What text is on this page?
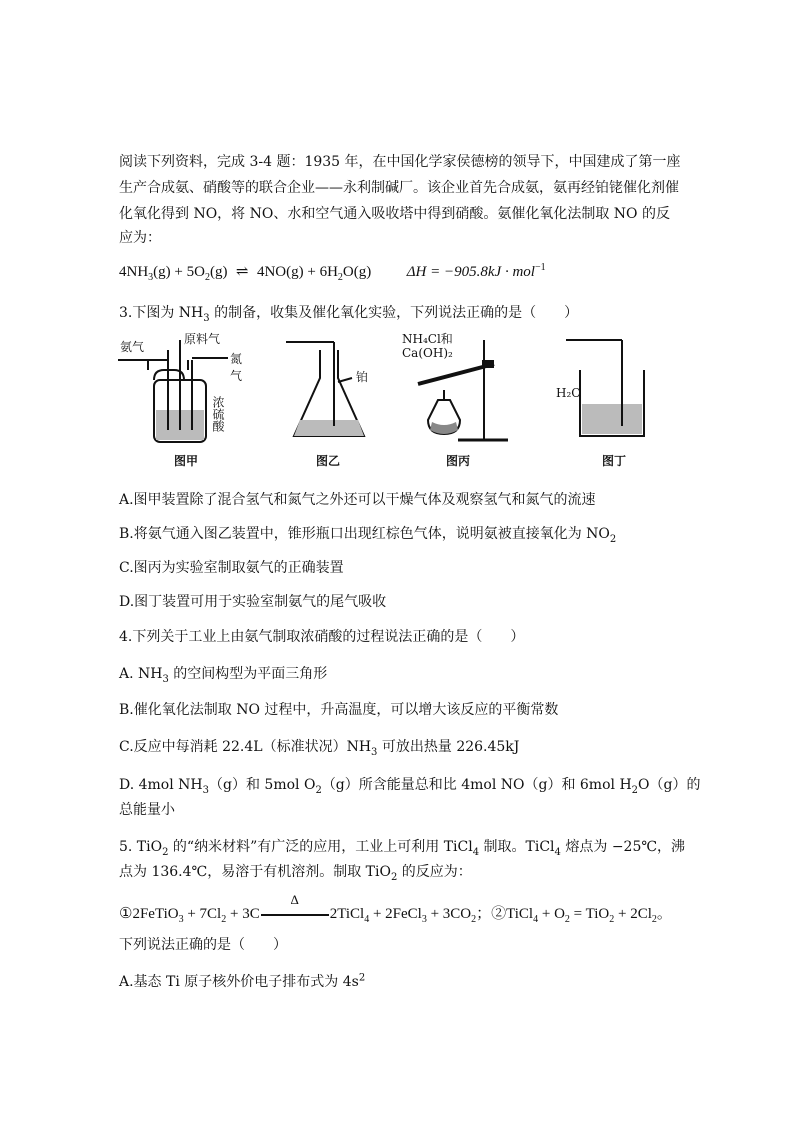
阅读下列资料，完成 3-4 题：1935 年，在中国化学家侯德榜的领导下，中国建成了第一座
生产合成氨、硝酸等的联合企业——永利制碱厂。该企业首先合成氨，氨再经铂铑催化剂催
化氧化得到 NO，将 NO、水和空气通入吸收塔中得到硝酸。氨催化氧化法制取 NO 的反
应为：
$4NH_3(g) + 5O_2(g)$ ⇌ $4NO(g) + 6H_2O(g) \Delta H = -905.8kJ \cdot mol^{-1}$
3.下图为 $NH_3$ 的制备，收集及催化氧化实验，下列说法正确的是（　　）
氨气
原料气
氮气
浓硫酸
图甲
铂
图乙
NH₄Cl和
Ca(OH)₂
图丙
H₂O
图丁
A.图甲装置除了混合氢气和氮气之外还可以干燥气体及观察氢气和氮气的流速
B.将氨气通入图乙装置中，锥形瓶口出现红棕色气体，说明氨被直接氧化为 $NO_2$
C.图丙为实验室制取氨气的正确装置
D.图丁装置可用于实验室制氨气的尾气吸收
4.下列关于工业上由氨气制取浓硝酸的过程说法正确的是（　　）
A. $NH_3$ 的空间构型为平面三角形
B.催化氧化法制取 NO 过程中，升高温度，可以增大该反应的平衡常数
C.反应中每消耗 22.4L（标准状况）$NH_3$ 可放出热量 226.45kJ
D. 4mol $NH_3(g)$和 5mol $O_2(g)$所含能量总和比 4mol NO（g）和 6mol $H_2O(g)$的
总能量小
5. TiO$_2$ 的“纳米材料”有广泛的应用，工业上可利用 TiCl$_4$ 制取。TiCl$_4$ 熔点为 −25℃，沸
点为 136.4℃，易溶于有机溶剂。制取 TiO$_2$ 的反应为：
①2FeTiO$_3$ + $7Cl_2 + 3C$
Δ
2TiCl$_4$ + 2FeCl$_3$ + $3CO_2$；②TiCl$_4$ + $O_2 = TiO_2 + 2Cl_2$。
下列说法正确的是（　　）
A.基态 Ti 原子核外价电子排布式为 $4s^2$
